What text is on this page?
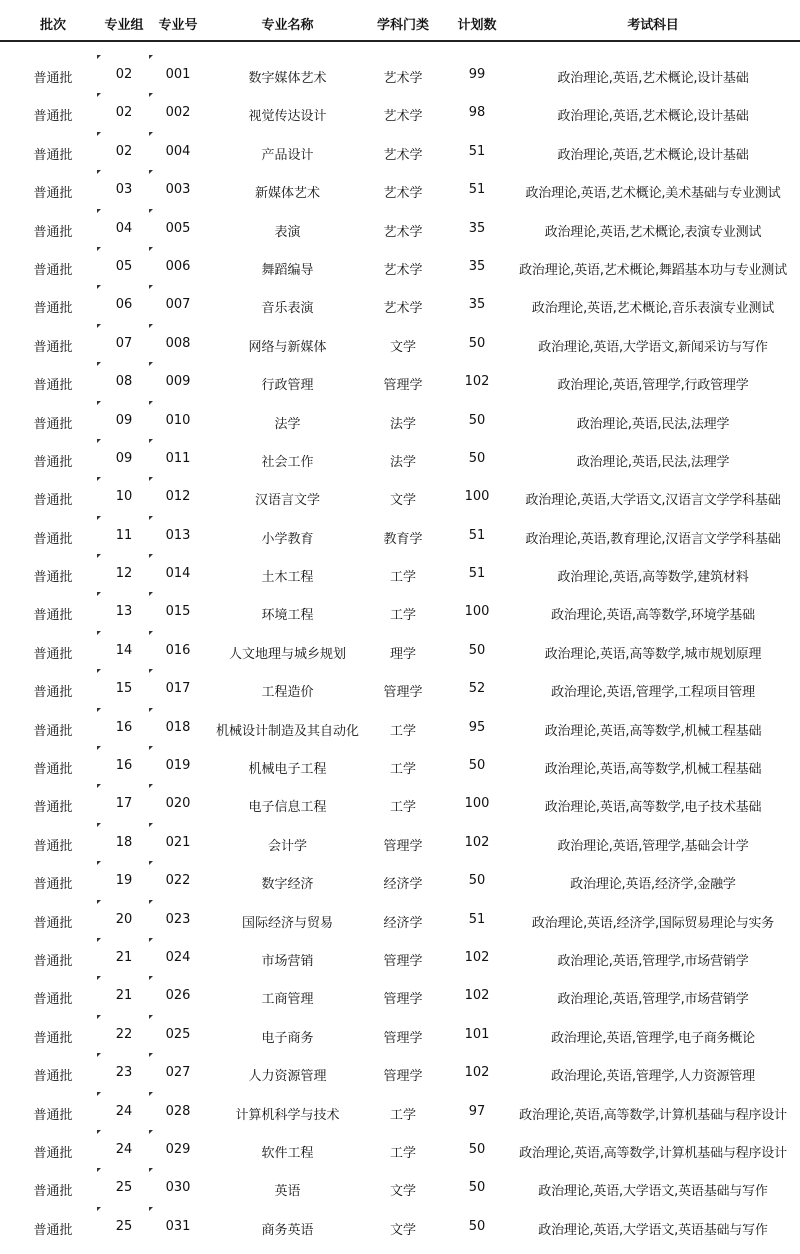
批次	专业组	专业号	专业名称	学科门类	计划数	考试科目
普通批	02	001	数字媒体艺术	艺术学	99	政治理论,英语,艺术概论,设计基础
普通批	02	002	视觉传达设计	艺术学	98	政治理论,英语,艺术概论,设计基础
普通批	02	004	产品设计	艺术学	51	政治理论,英语,艺术概论,设计基础
普通批	03	003	新媒体艺术	艺术学	51	政治理论,英语,艺术概论,美术基础与专业测试
普通批	04	005	表演	艺术学	35	政治理论,英语,艺术概论,表演专业测试
普通批	05	006	舞蹈编导	艺术学	35	政治理论,英语,艺术概论,舞蹈基本功与专业测试
普通批	06	007	音乐表演	艺术学	35	政治理论,英语,艺术概论,音乐表演专业测试
普通批	07	008	网络与新媒体	文学	50	政治理论,英语,大学语文,新闻采访与写作
普通批	08	009	行政管理	管理学	102	政治理论,英语,管理学,行政管理学
普通批	09	010	法学	法学	50	政治理论,英语,民法,法理学
普通批	09	011	社会工作	法学	50	政治理论,英语,民法,法理学
普通批	10	012	汉语言文学	文学	100	政治理论,英语,大学语文,汉语言文学学科基础
普通批	11	013	小学教育	教育学	51	政治理论,英语,教育理论,汉语言文学学科基础
普通批	12	014	土木工程	工学	51	政治理论,英语,高等数学,建筑材料
普通批	13	015	环境工程	工学	100	政治理论,英语,高等数学,环境学基础
普通批	14	016	人文地理与城乡规划	理学	50	政治理论,英语,高等数学,城市规划原理
普通批	15	017	工程造价	管理学	52	政治理论,英语,管理学,工程项目管理
普通批	16	018	机械设计制造及其自动化	工学	95	政治理论,英语,高等数学,机械工程基础
普通批	16	019	机械电子工程	工学	50	政治理论,英语,高等数学,机械工程基础
普通批	17	020	电子信息工程	工学	100	政治理论,英语,高等数学,电子技术基础
普通批	18	021	会计学	管理学	102	政治理论,英语,管理学,基础会计学
普通批	19	022	数字经济	经济学	50	政治理论,英语,经济学,金融学
普通批	20	023	国际经济与贸易	经济学	51	政治理论,英语,经济学,国际贸易理论与实务
普通批	21	024	市场营销	管理学	102	政治理论,英语,管理学,市场营销学
普通批	21	026	工商管理	管理学	102	政治理论,英语,管理学,市场营销学
普通批	22	025	电子商务	管理学	101	政治理论,英语,管理学,电子商务概论
普通批	23	027	人力资源管理	管理学	102	政治理论,英语,管理学,人力资源管理
普通批	24	028	计算机科学与技术	工学	97	政治理论,英语,高等数学,计算机基础与程序设计
普通批	24	029	软件工程	工学	50	政治理论,英语,高等数学,计算机基础与程序设计
普通批	25	030	英语	文学	50	政治理论,英语,大学语文,英语基础与写作
普通批	25	031	商务英语	文学	50	政治理论,英语,大学语文,英语基础与写作
